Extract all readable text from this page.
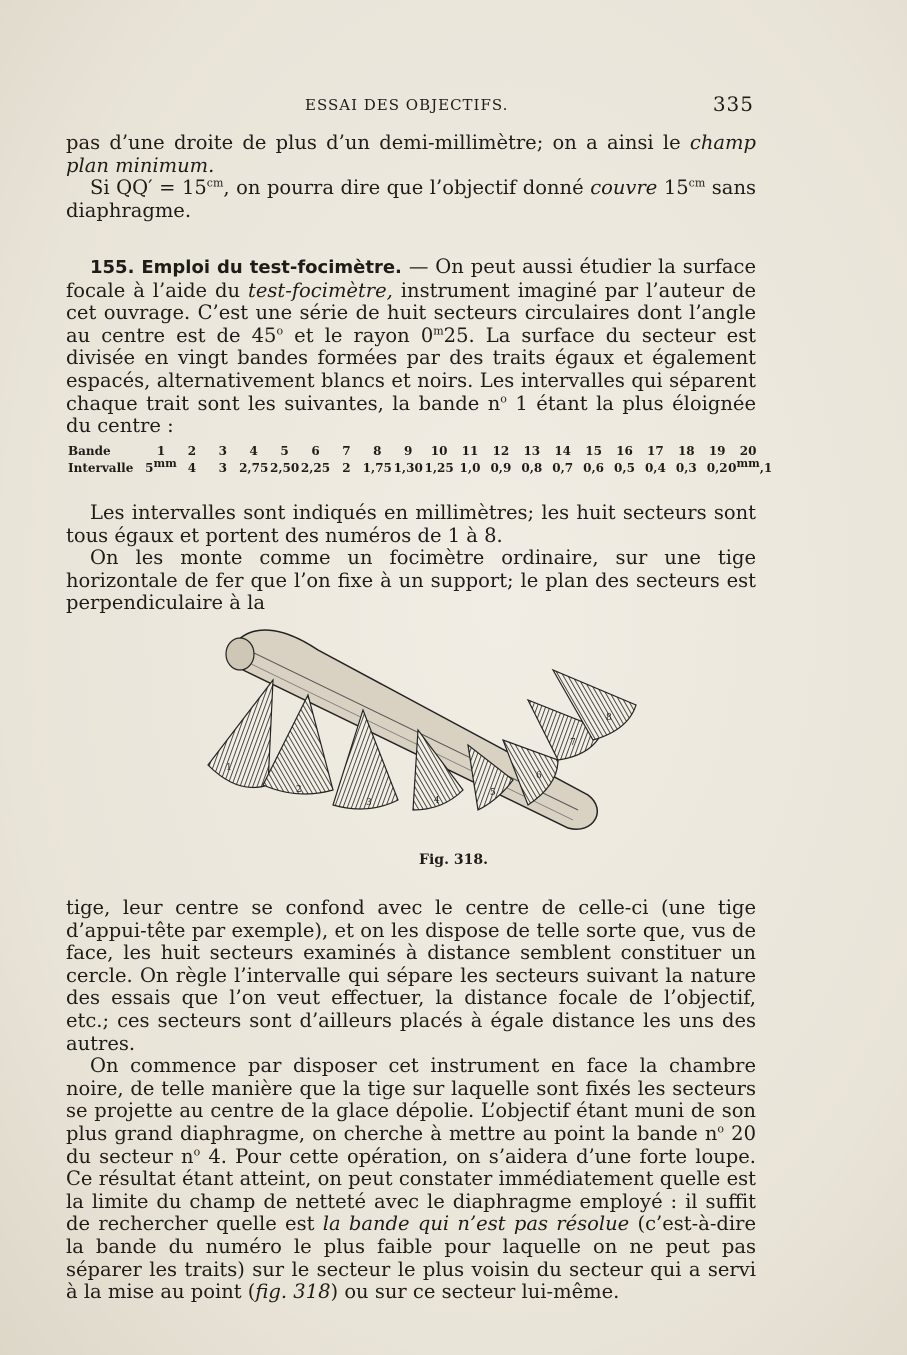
ESSAI DES OBJECTIFS.	335

pas d’une droite de plus d’un demi-millimètre; on a ainsi le champ plan minimum.

Si $QQ' = 15^{cm}$, on pourra dire que l’objectif donné couvre $15^{cm}$ sans diaphragme.

155. Emploi du test-focimètre. — On peut aussi étudier la surface focale à l’aide du test-focimètre, instrument imaginé par l’auteur de cet ouvrage. C’est une série de huit secteurs circulaires dont l’angle au centre est de 45$^o$ et le rayon 0$^m$25. La surface du secteur est divisée en vingt bandes formées par des traits égaux et également espacés, alternativement blancs et noirs. Les intervalles qui séparent chaque trait sont les suivantes, la bande $n^o$ 1 étant la plus éloignée du centre :

Bande	1	2	3	4	5	6	7	8	9	10	11	12	13	14	15	16	17	18	19	20
Intervalle $5^{mm}$ 4	3	2,75 2,50 2,25	2	1,75 1,30 1,25 1,0 0,9 0,8 0,7 0,6 0,5 0,4 0,3 0,2 $0^{mm},1$

Les intervalles sont indiqués en millimètres; les huit secteurs sont tous égaux et portent des numéros de 1 à 8.

On les monte comme un focimètre ordinaire, sur une tige horizontale de fer que l’on fixe à un support; le plan des secteurs est perpendiculaire à la

1
2
3	4
5
6
7
8
Fig. 318.

tige, leur centre se confond avec le centre de celle-ci (une tige d’appui-tête par exemple), et on les dispose de telle sorte que, vus de face, les huit secteurs examinés à distance semblent constituer un cercle. On règle l’intervalle qui sépare les secteurs suivant la nature des essais que l’on veut effectuer, la distance focale de l’objectif, etc.; ces secteurs sont d’ailleurs placés à égale distance les uns des autres.

On commence par disposer cet instrument en face la chambre noire, de telle manière que la tige sur laquelle sont fixés les secteurs se projette au centre de la glace dépolie. L’objectif étant muni de son plus grand diaphragme, on cherche à mettre au point la bande $n^o$ 20 du secteur $n^o$ 4. Pour cette opération, on s’aidera d’une forte loupe. Ce résultat étant atteint, on peut constater immédiatement quelle est la limite du champ de netteté avec le diaphragme employé : il suffit de rechercher quelle est la bande qui n’est pas résolue (c’est-à-dire la bande du numéro le plus faible pour laquelle on ne peut pas séparer les traits) sur le secteur le plus voisin du secteur qui a servi à la mise au point (fig. 318) ou sur ce secteur lui-même.
